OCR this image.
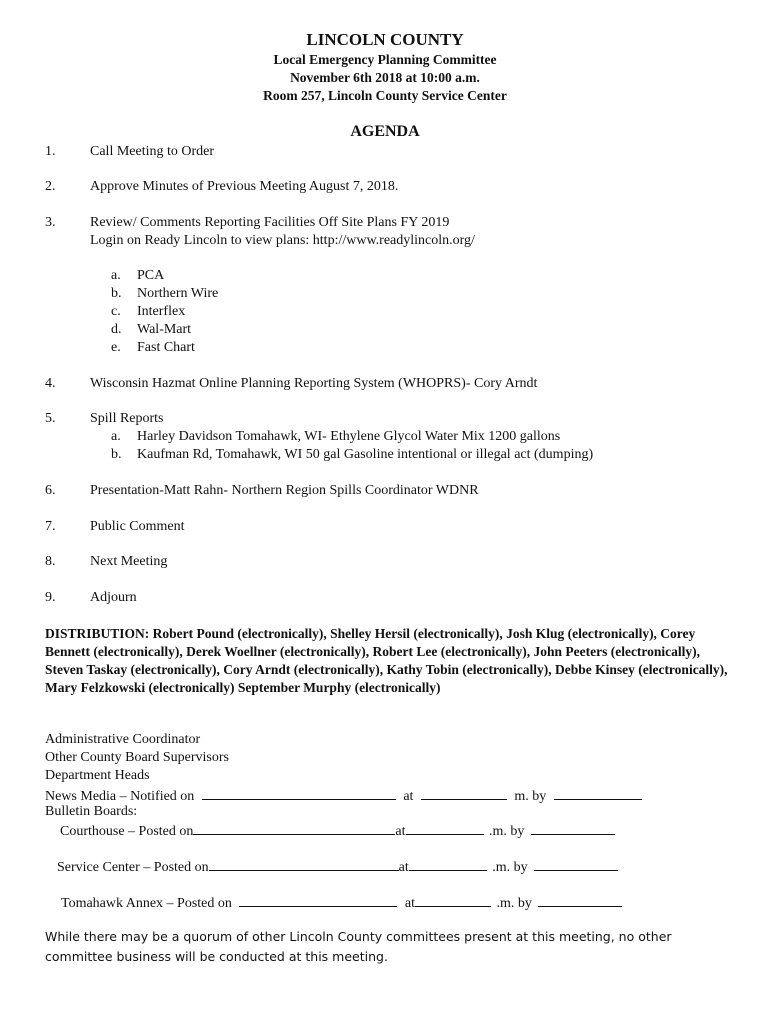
LINCOLN COUNTY
Local Emergency Planning Committee
November 6th 2018 at 10:00 a.m.
Room 257, Lincoln County Service Center
AGENDA
1.	Call Meeting to Order
2.	Approve Minutes of Previous Meeting August 7, 2018.
3.	Review/ Comments Reporting Facilities Off Site Plans FY 2019
Login on Ready Lincoln to view plans: http://www.readylincoln.org/
a. PCA
b. Northern Wire
c. Interflex
d. Wal-Mart
e. Fast Chart
4.	Wisconsin Hazmat Online Planning Reporting System (WHOPRS)- Cory Arndt
5.	Spill Reports
a. Harley Davidson Tomahawk, WI- Ethylene Glycol Water Mix 1200 gallons
b. Kaufman Rd, Tomahawk, WI 50 gal Gasoline intentional or illegal act (dumping)
6.	Presentation-Matt Rahn- Northern Region Spills Coordinator WDNR
7.	Public Comment
8.	Next Meeting
9.	Adjourn
DISTRIBUTION: Robert Pound (electronically), Shelley Hersil (electronically), Josh Klug (electronically), Corey Bennett (electronically), Derek Woellner (electronically), Robert Lee (electronically), John Peeters (electronically), Steven Taskay (electronically), Cory Arndt (electronically), Kathy Tobin (electronically), Debbe Kinsey (electronically), Mary Felzkowski (electronically) September Murphy (electronically)
Administrative Coordinator
Other County Board Supervisors
Department Heads
News Media – Notified on	at	m. by
Bulletin Boards:
Courthouse – Posted on	at	.m. by
Service Center – Posted on	at	.m. by
Tomahawk Annex – Posted on	at	.m. by
While there may be a quorum of other Lincoln County committees present at this meeting, no other committee business will be conducted at this meeting.
